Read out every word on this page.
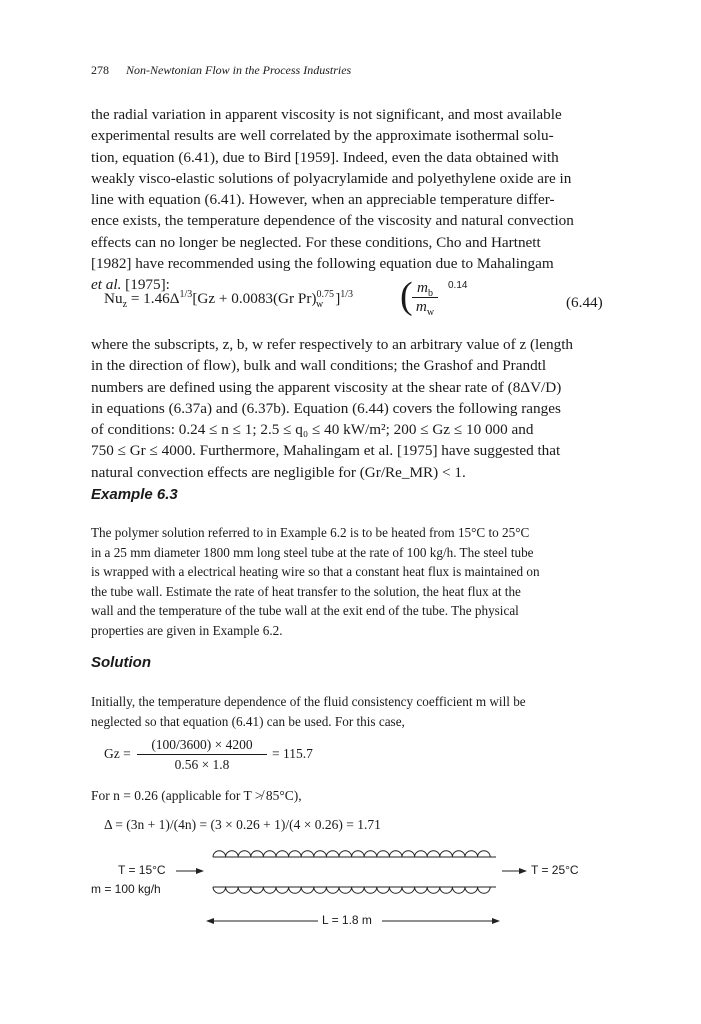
278 Non-Newtonian Flow in the Process Industries
the radial variation in apparent viscosity is not significant, and most available
experimental results are well correlated by the approximate isothermal solu-
tion, equation (6.41), due to Bird [1959]. Indeed, even the data obtained with
weakly visco-elastic solutions of polyacrylamide and polyethylene oxide are in
line with equation (6.41). However, when an appreciable temperature differ-
ence exists, the temperature dependence of the viscosity and natural convection
effects can no longer be neglected. For these conditions, Cho and Hartnett
[1982] have recommended using the following equation due to Mahalingam
et al. [1975]:
$Nu_z = 1.46\Delta^{1/3}[Gz + 0.0083(Gr$ Pr)$^{0.75}_w$ ]$^{1/3}$ ( $m_b$
$m_w$
0.14
(6.44)
where the subscripts, z, b, w refer respectively to an arbitrary value of z (length
in the direction of flow), bulk and wall conditions; the Grashof and Prandtl
numbers are defined using the apparent viscosity at the shear rate of (8ΔV/D)
in equations (6.37a) and (6.37b). Equation (6.44) covers the following ranges
of conditions: 0.24 ≤ n ≤ 1; 2.5 ≤ q₀ ≤ 40 kW/m²; 200 ≤ Gz ≤ 10 000 and
750 ≤ Gr ≤ 4000. Furthermore, Mahalingam et al. [1975] have suggested that
natural convection effects are negligible for (Gr/Re_MR) < 1.
Example 6.3
The polymer solution referred to in Example 6.2 is to be heated from 15°C to 25°C
in a 25 mm diameter 1800 mm long steel tube at the rate of 100 kg/h. The steel tube
is wrapped with a electrical heating wire so that a constant heat flux is maintained on
the tube wall. Estimate the rate of heat transfer to the solution, the heat flux at the
wall and the temperature of the tube wall at the exit end of the tube. The physical
properties are given in Example 6.2.
Solution
Initially, the temperature dependence of the fluid consistency coefficient m will be
neglected so that equation (6.41) can be used. For this case,
$Gz = \frac{(100/3600) \times 4200}{0.56 \times 1.8} = 115.7$
For n = 0.26 (applicable for T ≯ 85°C),
Δ = (3n + 1)/(4n) = (3 × 0.26 + 1)/(4 × 0.26) = 1.71
T = 15°C
m = 100 kg/h
T = 25°C
L = 1.8 m
